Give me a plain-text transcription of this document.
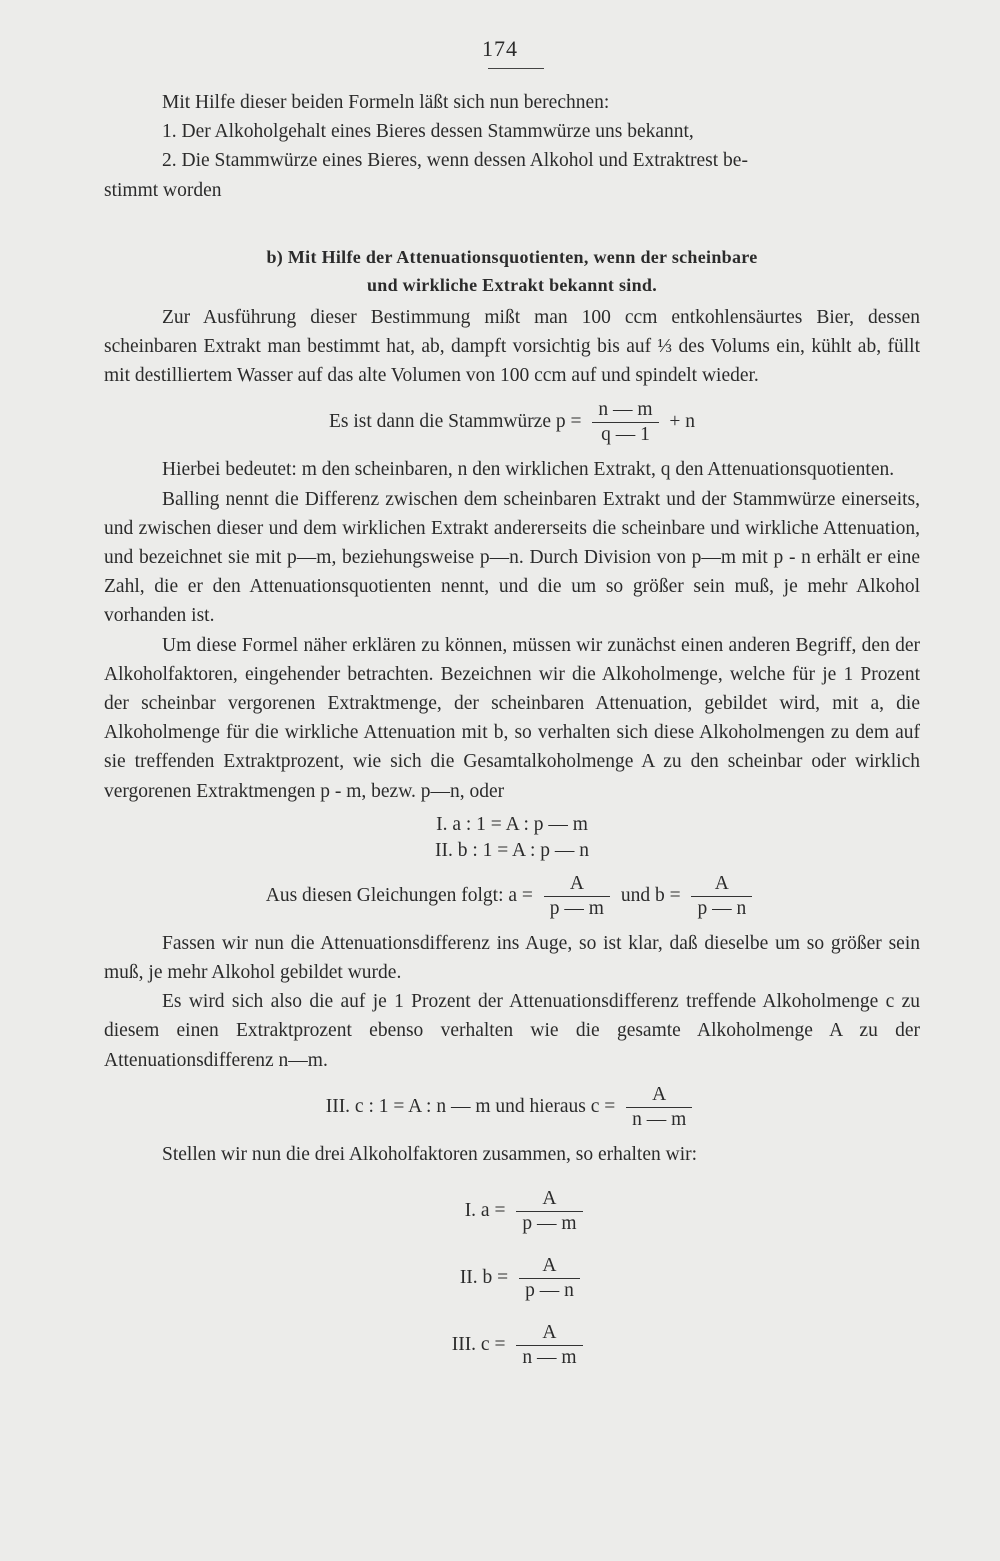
174

Mit Hilfe dieser beiden Formeln läßt sich nun berechnen:

1. Der Alkoholgehalt eines Bieres dessen Stammwürze uns bekannt,

2. Die Stammwürze eines Bieres, wenn dessen Alkohol und Extraktrest be-

stimmt worden

b) Mit Hilfe der Attenuationsquotienten, wenn der scheinbare
und wirkliche Extrakt bekannt sind.

Zur Ausführung dieser Bestimmung mißt man 100 ccm entkohlensäurtes Bier, dessen scheinbaren Extrakt man bestimmt hat, ab, dampft vorsichtig bis auf ⅓ des Volums ein, kühlt ab, füllt mit destilliertem Wasser auf das alte Volumen von 100 ccm auf und spindelt wieder.

Es ist dann die Stammwürze $p = \frac{n — m}{q — 1} + n$

Hierbei bedeutet: m den scheinbaren, n den wirklichen Extrakt, q den Attenuationsquotienten.

Balling nennt die Differenz zwischen dem scheinbaren Extrakt und der Stammwürze einerseits, und zwischen dieser und dem wirklichen Extrakt andererseits die scheinbare und wirkliche Attenuation, und bezeichnet sie mit p—m, beziehungsweise p—n. Durch Division von p—m mit p - n erhält er eine Zahl, die er den Attenuationsquotienten nennt, und die um so größer sein muß, je mehr Alkohol vorhanden ist.

Um diese Formel näher erklären zu können, müssen wir zunächst einen anderen Begriff, den der Alkoholfaktoren, eingehender betrachten. Bezeichnen wir die Alkoholmenge, welche für je 1 Prozent der scheinbar vergorenen Extraktmenge, der scheinbaren Attenuation, gebildet wird, mit a, die Alkoholmenge für die wirkliche Attenuation mit b, so verhalten sich diese Alkoholmengen zu dem auf sie treffenden Extraktprozent, wie sich die Gesamtalkoholmenge A zu den scheinbar oder wirklich vergorenen Extraktmengen p - m, bezw. p—n, oder

I. a : 1 = A : p — m
II. b : 1 = A : p — n
Aus diesen Gleichungen folgt: $a = \frac{A}{p — m}$ und $b = \frac{A}{p — n}$

Fassen wir nun die Attenuationsdifferenz ins Auge, so ist klar, daß dieselbe um so größer sein muß, je mehr Alkohol gebildet wurde.

Es wird sich also die auf je 1 Prozent der Attenuationsdifferenz treffende Alkoholmenge c zu diesem einen Extraktprozent ebenso verhalten wie die gesamte Alkoholmenge A zu der Attenuationsdifferenz n—m.

III. c : 1 = A : n — m und hieraus $c = \frac{A}{n — m}$

Stellen wir nun die drei Alkoholfaktoren zusammen, so erhalten wir:

I. $a = \frac{A}{p — m}$
II. $b = \frac{A}{p — n}$
III. $c = \frac{A}{n — m}$
